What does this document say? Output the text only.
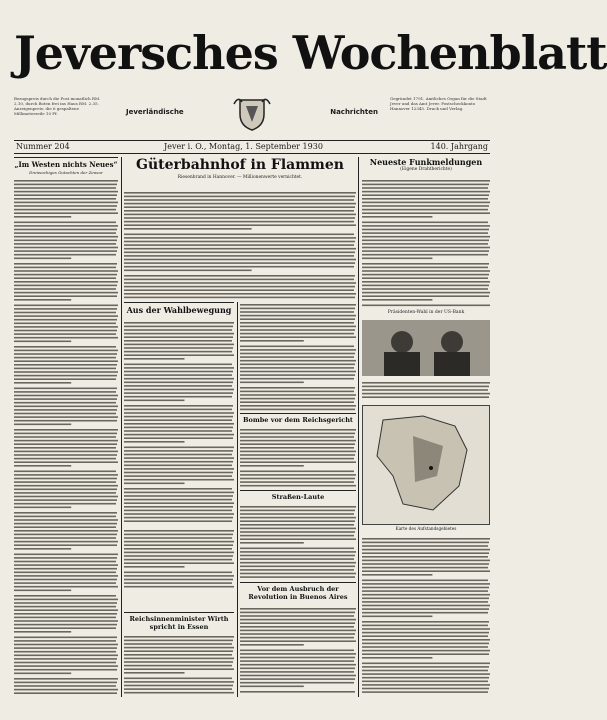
Jeversches Wochenblatt
Bezugspreis durch die Post monatlich RM. 2.10, durch Boten frei ins Haus RM. 2.35. Anzeigenpreis: die 6 gespaltene Millimeterzeile 10 Pf.
Gegründet 1791. Amtliches Organ für die Stadt Jever und das Amt Jever. Postscheckkonto Hannover 12345. Druck und Verlag.
Jeverländische	Nachrichten
Nummer 204	Jever i. O., Montag, 1. September 1930	140. Jahrgang
„Im Westen nichts Neues“
Dreiwochiges Gutachten der Zensur	Güterbahnhof in Flammen
Riesenbrand in Hannover. — Millionenwerte vernichtet.
Aus der Wahlbewegung
Reichsinnenminister Wirth spricht in Essen
Bombe vor dem Reichsgericht
Straßen-Laute
Vor dem Ausbruch der Revolution in Buenos Aires
Neueste Funkmeldungen
(Eigene Drahtberichte)
Präsidenten-Wahl in der US-Bank
Karte des Aufstandsgebietes
